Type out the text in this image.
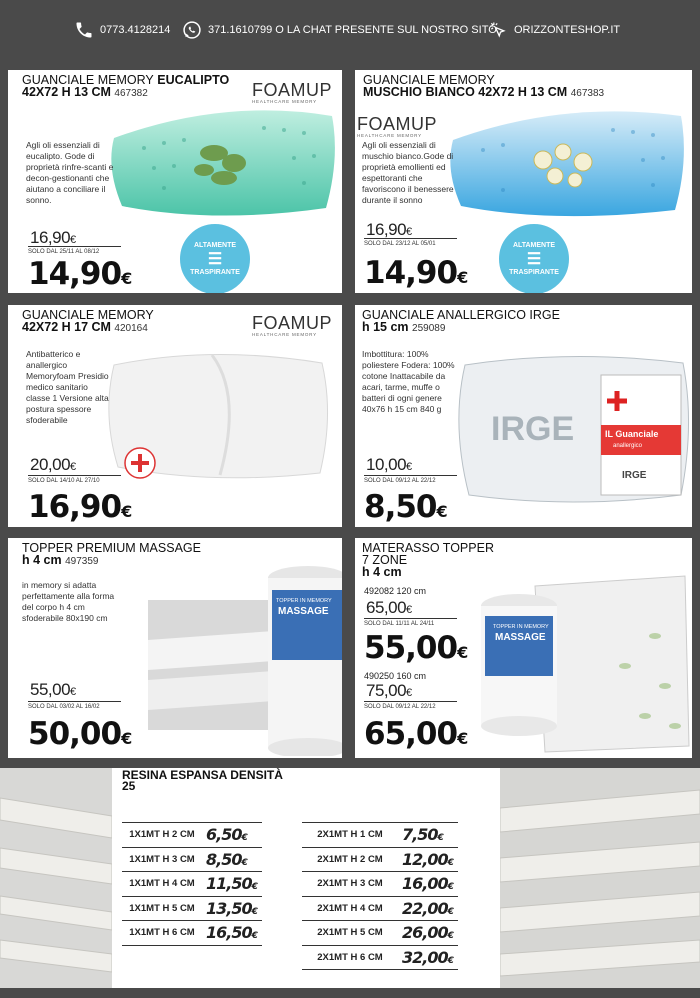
0773.4128214	371.1610799 O LA CHAT PRESENTE SUL NOSTRO SITO ORIZZONTESHOP.IT
GUANCIALE MEMORY EUCALIPTO
42X72 H 13 CM 467382	FOAMUP
HEALTHCARE MEMORY
ALTAMENTE
☰
TRASPIRANTE
Agli oli essenziali di eucalipto. Gode di proprietà rinfre-scanti e decon-gestionanti che aiutano a conciliare il sonno.
16,90€
SOLO DAL 25/11 AL 08/12
14,90€
GUANCIALE MEMORY
MUSCHIO BIANCO 42X72 H 13 CM 467383
FOAMUP
HEALTHCARE MEMORY
ALTAMENTE
☰
TRASPIRANTE
Agli oli essenziali di muschio bianco.Gode di proprietà emollienti ed espettoranti che favoriscono il benessere durante il sonno
16,90€
SOLO DAL 23/12 AL 05/01
14,90€
GUANCIALE MEMORY
42X72 H 17 CM 420164	FOAMUP
HEALTHCARE MEMORY
Antibatterico e anallergico Memoryfoam Presidio medico sanitario classe 1 Versione alta postura spessore sfoderabile
20,00€
SOLO DAL 14/10 AL 27/10
16,90€
GUANCIALE ANALLERGICO IRGE
h 15 cm 259089
IRGE	IL Guanciale
anallergico
IRGE
Imbottitura: 100% poliestere Fodera: 100% cotone Inattacabile da acari, tarme, muffe o batteri di ogni genere 40x76 h 15 cm 840 g
10,00€
SOLO DAL 09/12 AL 22/12
8,50€
TOPPER PREMIUM MASSAGE
h 4 cm 497359
TOPPER IN MEMORY
MASSAGE
in memory si adatta perfettamente alla forma del corpo h 4 cm sfoderabile 80x190 cm
55,00€
SOLO DAL 03/02 AL 16/02
50,00€
MATERASSO TOPPER
7 ZONE
h 4 cm
TOPPER IN MEMORY
MASSAGE
492082 120 cm
65,00€
SOLO DAL 11/11 AL 24/11
55,00€
490250 160 cm
75,00€
SOLO DAL 09/12 AL 22/12
65,00€
RESINA ESPANSA DENSITÀ
25
1X1MT H 2 CM 6,50€
1X1MT H 3 CM 8,50€
1X1MT H 4 CM 11,50€
1X1MT H 5 CM 13,50€
1X1MT H 6 CM 16,50€
2X1MT H 1 CM	7,50€
2X1MT H 2 CM	12,00€
2X1MT H 3 CM	16,00€
2X1MT H 4 CM	22,00€
2X1MT H 5 CM	26,00€
2X1MT H 6 CM	32,00€
